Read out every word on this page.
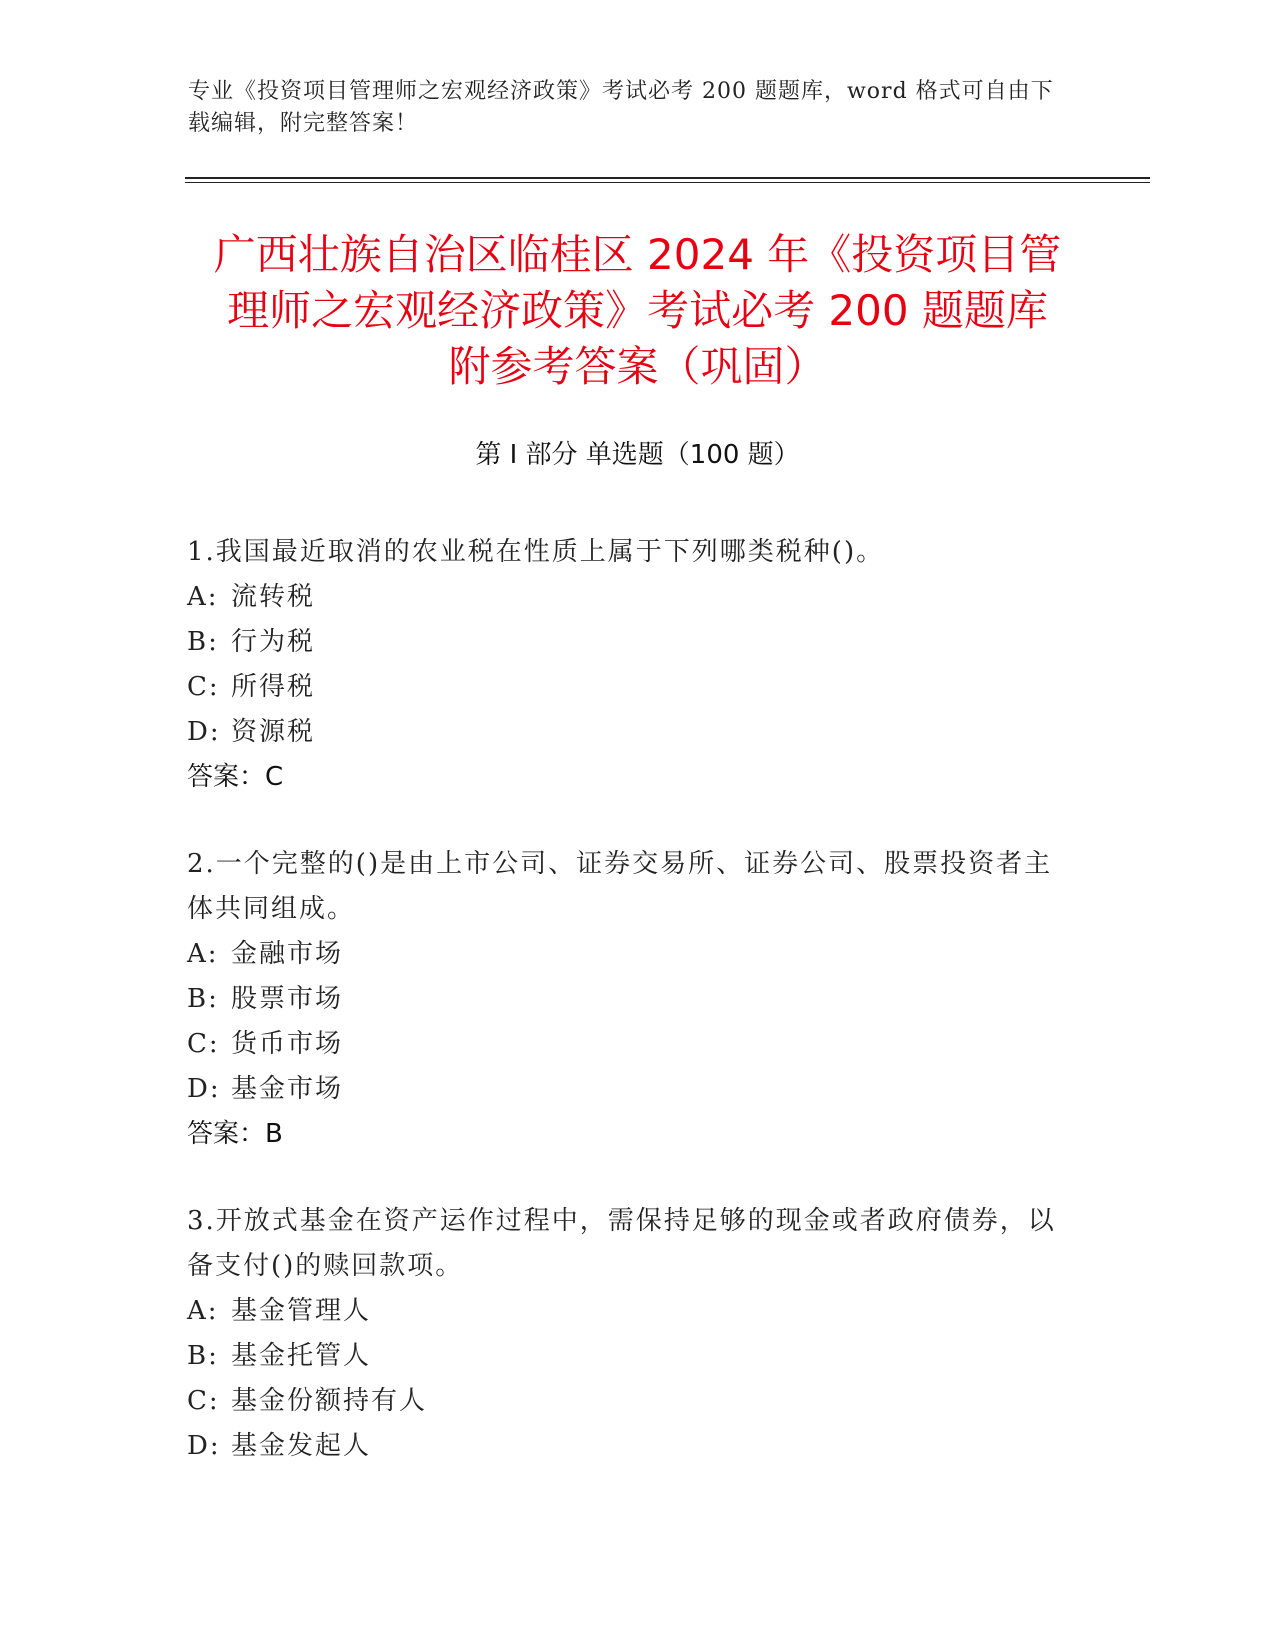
专业《投资项目管理师之宏观经济政策》考试必考 200 题题库，word 格式可自由下载编辑，附完整答案！
广西壮族自治区临桂区 2024 年《投资项目管
理师之宏观经济政策》考试必考 200 题题库
附参考答案（巩固）
第 I 部分 单选题（100 题）
1.我国最近取消的农业税在性质上属于下列哪类税种()。
A: 流转税
B: 行为税
C: 所得税
D: 资源税
答案：C
2.一个完整的()是由上市公司、证券交易所、证券公司、股票投资者主体共同组成。
A: 金融市场
B: 股票市场
C: 货币市场
D: 基金市场
答案：B
3.开放式基金在资产运作过程中，需保持足够的现金或者政府债券，以备支付()的赎回款项。
A: 基金管理人
B: 基金托管人
C: 基金份额持有人
D: 基金发起人
